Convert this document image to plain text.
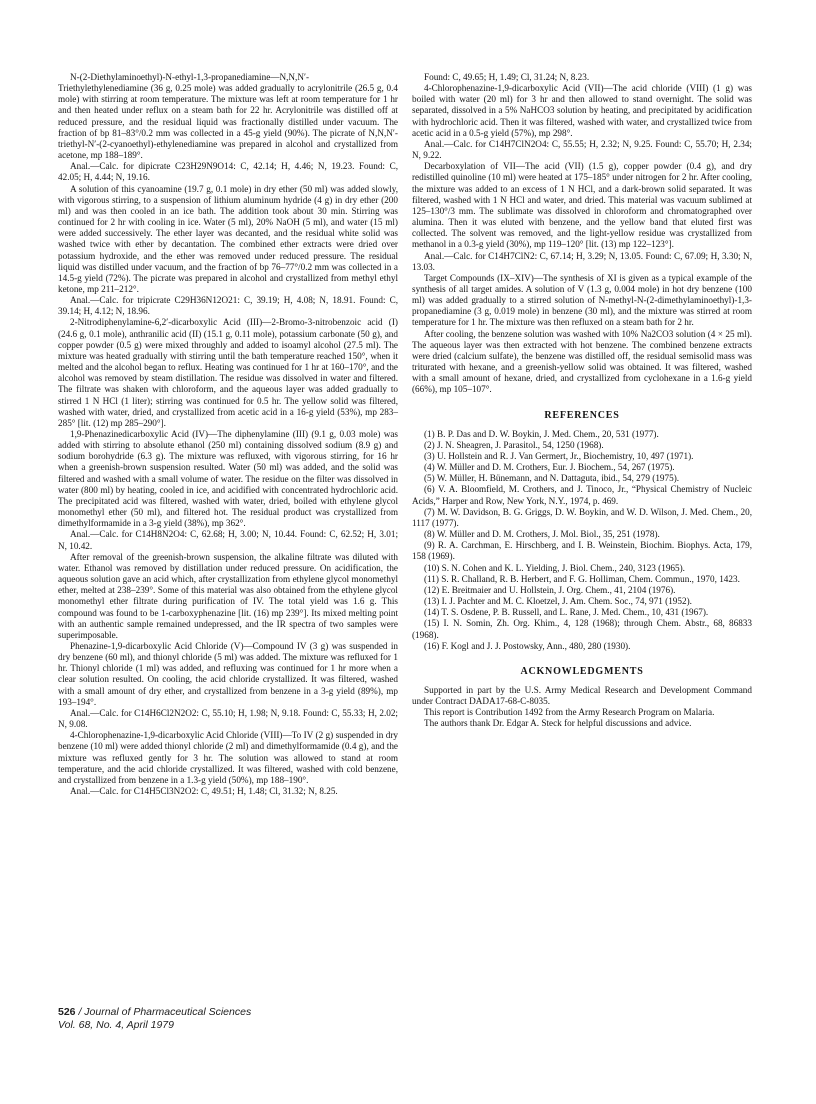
N-(2-Diethylaminoethyl)-N-ethyl-1,3-propanediamine—N,N,N′-Triethylethylenediamine (36 g, 0.25 mole) was added gradually to acrylonitrile (26.5 g, 0.4 mole) with stirring at room temperature. The mixture was left at room temperature for 1 hr and then heated under reflux on a steam bath for 22 hr. Acrylonitrile was distilled off at reduced pressure, and the residual liquid was fractionally distilled under vacuum. The fraction of bp 81–83°/0.2 mm was collected in a 45-g yield (90%). The picrate of N,N,N′-triethyl-N′-(2-cyanoethyl)-ethylenediamine was prepared in alcohol and crystallized from acetone, mp 188–189°.

Anal.—Calc. for dipicrate C23H29N9O14: C, 42.14; H, 4.46; N, 19.23. Found: C, 42.05; H, 4.44; N, 19.16.

A solution of this cyanoamine (19.7 g, 0.1 mole) in dry ether (50 ml) was added slowly, with vigorous stirring, to a suspension of lithium aluminum hydride (4 g) in dry ether (200 ml) and was then cooled in an ice bath. The addition took about 30 min. Stirring was continued for 2 hr with cooling in ice. Water (5 ml), 20% NaOH (5 ml), and water (15 ml) were added successively. The ether layer was decanted, and the residual white solid was washed twice with ether by decantation. The combined ether extracts were dried over potassium hydroxide, and the ether was removed under reduced pressure. The residual liquid was distilled under vacuum, and the fraction of bp 76–77°/0.2 mm was collected in a 14.5-g yield (72%). The picrate was prepared in alcohol and crystallized from methyl ethyl ketone, mp 211–212°.

Anal.—Calc. for tripicrate C29H36N12O21: C, 39.19; H, 4.08; N, 18.91. Found: C, 39.14; H, 4.12; N, 18.96.

2-Nitrodiphenylamine-6,2′-dicarboxylic Acid (III)—2-Bromo-3-nitrobenzoic acid (I) (24.6 g, 0.1 mole), anthranilic acid (II) (15.1 g, 0.11 mole), potassium carbonate (50 g), and copper powder (0.5 g) were mixed throughly and added to isoamyl alcohol (27.5 ml). The mixture was heated gradually with stirring until the bath temperature reached 150°, when it melted and the alcohol began to reflux. Heating was continued for 1 hr at 160–170°, and the alcohol was removed by steam distillation. The residue was dissolved in water and filtered. The filtrate was shaken with chloroform, and the aqueous layer was added gradually to stirred 1 N HCl (1 liter); stirring was continued for 0.5 hr. The yellow solid was filtered, washed with water, dried, and crystallized from acetic acid in a 16-g yield (53%), mp 283–285° [lit. (12) mp 285–290°].

1,9-Phenazinedicarboxylic Acid (IV)—The diphenylamine (III) (9.1 g, 0.03 mole) was added with stirring to absolute ethanol (250 ml) containing dissolved sodium (8.9 g) and sodium borohydride (6.3 g). The mixture was refluxed, with vigorous stirring, for 16 hr when a greenish-brown suspension resulted. Water (50 ml) was added, and the solid was filtered and washed with a small volume of water. The residue on the filter was dissolved in water (800 ml) by heating, cooled in ice, and acidified with concentrated hydrochloric acid. The precipitated acid was filtered, washed with water, dried, boiled with ethylene glycol monomethyl ether (50 ml), and filtered hot. The residual product was crystallized from dimethylformamide in a 3-g yield (38%), mp 362°.

Anal.—Calc. for C14H8N2O4: C, 62.68; H, 3.00; N, 10.44. Found: C, 62.52; H, 3.01; N, 10.42.

After removal of the greenish-brown suspension, the alkaline filtrate was diluted with water. Ethanol was removed by distillation under reduced pressure. On acidification, the aqueous solution gave an acid which, after crystallization from ethylene glycol monomethyl ether, melted at 238–239°. Some of this material was also obtained from the ethylene glycol monomethyl ether filtrate during purification of IV. The total yield was 1.6 g. This compound was found to be 1-carboxyphenazine [lit. (16) mp 239°]. Its mixed melting point with an authentic sample remained undepressed, and the IR spectra of two samples were superimposable.

Phenazine-1,9-dicarboxylic Acid Chloride (V)—Compound IV (3 g) was suspended in dry benzene (60 ml), and thionyl chloride (5 ml) was added. The mixture was refluxed for 1 hr. Thionyl chloride (1 ml) was added, and refluxing was continued for 1 hr more when a clear solution resulted. On cooling, the acid chloride crystallized. It was filtered, washed with a small amount of dry ether, and crystallized from benzene in a 3-g yield (89%), mp 193–194°.

Anal.—Calc. for C14H6Cl2N2O2: C, 55.10; H, 1.98; N, 9.18. Found: C, 55.33; H, 2.02; N, 9.08.

4-Chlorophenazine-1,9-dicarboxylic Acid Chloride (VIII)—To IV (2 g) suspended in dry benzene (10 ml) were added thionyl chloride (2 ml) and dimethylformamide (0.4 g), and the mixture was refluxed gently for 3 hr. The solution was allowed to stand at room temperature, and the acid chloride crystallized. It was filtered, washed with cold benzene, and crystallized from benzene in a 1.3-g yield (50%), mp 188–190°.

Anal.—Calc. for C14H5Cl3N2O2: C, 49.51; H, 1.48; Cl, 31.32; N, 8.25.

Found: C, 49.65; H, 1.49; Cl, 31.24; N, 8.23.

4-Chlorophenazine-1,9-dicarboxylic Acid (VII)—The acid chloride (VIII) (1 g) was boiled with water (20 ml) for 3 hr and then allowed to stand overnight. The solid was separated, dissolved in a 5% NaHCO3 solution by heating, and precipitated by acidification with hydrochloric acid. Then it was filtered, washed with water, and crystallized twice from acetic acid in a 0.5-g yield (57%), mp 298°.

Anal.—Calc. for C14H7ClN2O4: C, 55.55; H, 2.32; N, 9.25. Found: C, 55.70; H, 2.34; N, 9.22.

Decarboxylation of VII—The acid (VII) (1.5 g), copper powder (0.4 g), and dry redistilled quinoline (10 ml) were heated at 175–185° under nitrogen for 2 hr. After cooling, the mixture was added to an excess of 1 N HCl, and a dark-brown solid separated. It was filtered, washed with 1 N HCl and water, and dried. This material was vacuum sublimed at 125–130°/3 mm. The sublimate was dissolved in chloroform and chromatographed over alumina. Then it was eluted with benzene, and the yellow band that eluted first was collected. The solvent was removed, and the light-yellow residue was crystallized from methanol in a 0.3-g yield (30%), mp 119–120° [lit. (13) mp 122–123°].

Anal.—Calc. for C14H7ClN2: C, 67.14; H, 3.29; N, 13.05. Found: C, 67.09; H, 3.30; N, 13.03.

Target Compounds (IX–XIV)—The synthesis of XI is given as a typical example of the synthesis of all target amides. A solution of V (1.3 g, 0.004 mole) in hot dry benzene (100 ml) was added gradually to a stirred solution of N-methyl-N-(2-dimethylaminoethyl)-1,3-propanediamine (3 g, 0.019 mole) in benzene (30 ml), and the mixture was stirred at room temperature for 1 hr. The mixture was then refluxed on a steam bath for 2 hr.

After cooling, the benzene solution was washed with 10% Na2CO3 solution (4 × 25 ml). The aqueous layer was then extracted with hot benzene. The combined benzene extracts were dried (calcium sulfate), the benzene was distilled off, the residual semisolid mass was triturated with hexane, and a greenish-yellow solid was obtained. It was filtered, washed with a small amount of hexane, dried, and crystallized from cyclohexane in a 1.6-g yield (66%), mp 105–107°.

REFERENCES

(1) B. P. Das and D. W. Boykin, J. Med. Chem., 20, 531 (1977).

(2) J. N. Sheagren, J. Parasitol., 54, 1250 (1968).

(3) U. Hollstein and R. J. Van Germert, Jr., Biochemistry, 10, 497 (1971).

(4) W. Müller and D. M. Crothers, Eur. J. Biochem., 54, 267 (1975).

(5) W. Müller, H. Bünemann, and N. Dattaguta, ibid., 54, 279 (1975).

(6) V. A. Bloomfield, M. Crothers, and J. Tinoco, Jr., “Physical Chemistry of Nucleic Acids,” Harper and Row, New York, N.Y., 1974, p. 469.

(7) M. W. Davidson, B. G. Griggs, D. W. Boykin, and W. D. Wilson, J. Med. Chem., 20, 1117 (1977).

(8) W. Müller and D. M. Crothers, J. Mol. Biol., 35, 251 (1978).

(9) R. A. Carchman, E. Hirschberg, and I. B. Weinstein, Biochim. Biophys. Acta, 179, 158 (1969).

(10) S. N. Cohen and K. L. Yielding, J. Biol. Chem., 240, 3123 (1965).

(11) S. R. Challand, R. B. Herbert, and F. G. Holliman, Chem. Commun., 1970, 1423.

(12) E. Breitmaier and U. Hollstein, J. Org. Chem., 41, 2104 (1976).

(13) I. J. Pachter and M. C. Kloetzel, J. Am. Chem. Soc., 74, 971 (1952).

(14) T. S. Osdene, P. B. Russell, and L. Rane, J. Med. Chem., 10, 431 (1967).

(15) I. N. Somin, Zh. Org. Khim., 4, 128 (1968); through Chem. Abstr., 68, 86833 (1968).

(16) F. Kogl and J. J. Postowsky, Ann., 480, 280 (1930).

ACKNOWLEDGMENTS

Supported in part by the U.S. Army Medical Research and Development Command under Contract DADA17-68-C-8035.

This report is Contribution 1492 from the Army Research Program on Malaria.

The authors thank Dr. Edgar A. Steck for helpful discussions and advice.

526 / Journal of Pharmaceutical Sciences
Vol. 68, No. 4, April 1979
